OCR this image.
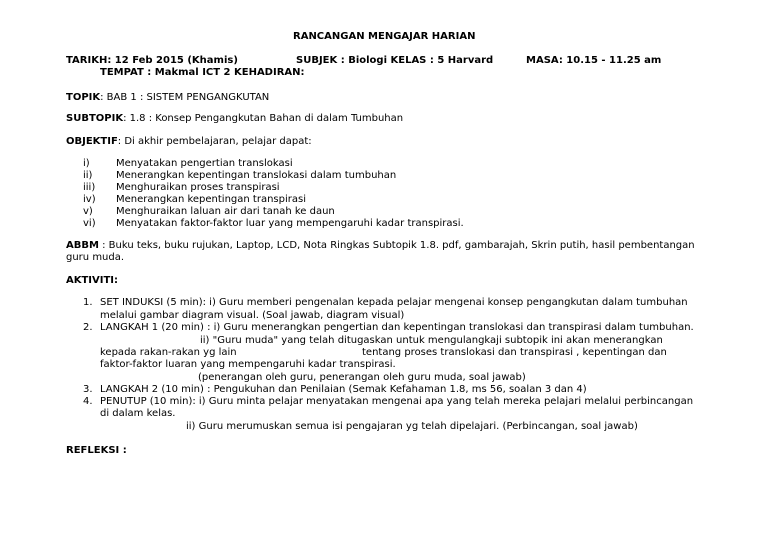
RANCANGAN MENGAJAR HARIAN
TARIKH: 12 Feb 2015 (Khamis)	SUBJEK : Biologi KELAS : 5 Harvard	MASA: 10.15 - 11.25 am
TEMPAT : Makmal ICT 2 KEHADIRAN:
TOPIK: BAB 1 : SISTEM PENGANGKUTAN
SUBTOPIK: 1.8 : Konsep Pengangkutan Bahan di dalam Tumbuhan
OBJEKTIF: Di akhir pembelajaran, pelajar dapat:
i)	Menyatakan pengertian translokasi
ii) Menerangkan kepentingan translokasi dalam tumbuhan
iii) Menghuraikan proses transpirasi
iv) Menerangkan kepentingan transpirasi
v) Menghuraikan laluan air dari tanah ke daun
vi) Menyatakan faktor-faktor luar yang mempengaruhi kadar transpirasi.
ABBM : Buku teks, buku rujukan, Laptop, LCD, Nota Ringkas Subtopik 1.8. pdf, gambarajah, Skrin putih, hasil pembentangan
guru muda.
AKTIVITI:
1. SET INDUKSI (5 min): i) Guru memberi pengenalan kepada pelajar mengenai konsep pengangkutan dalam tumbuhan
melalui gambar diagram visual. (Soal jawab, diagram visual)
2. LANGKAH 1 (20 min) : i) Guru menerangkan pengertian dan kepentingan translokasi dan transpirasi dalam tumbuhan.
ii) "Guru muda" yang telah ditugaskan untuk mengulangkaji subtopik ini akan menerangkan
kepada rakan-rakan yg lain	tentang proses translokasi dan transpirasi , kepentingan dan
faktor-faktor luaran yang mempengaruhi kadar transpirasi.
(penerangan oleh guru, penerangan oleh guru muda, soal jawab)
3. LANGKAH 2 (10 min) : Pengukuhan dan Penilaian (Semak Kefahaman 1.8, ms 56, soalan 3 dan 4)
4. PENUTUP (10 min): i) Guru minta pelajar menyatakan mengenai apa yang telah mereka pelajari melalui perbincangan
di dalam kelas.
ii) Guru merumuskan semua isi pengajaran yg telah dipelajari. (Perbincangan, soal jawab)
REFLEKSI :
